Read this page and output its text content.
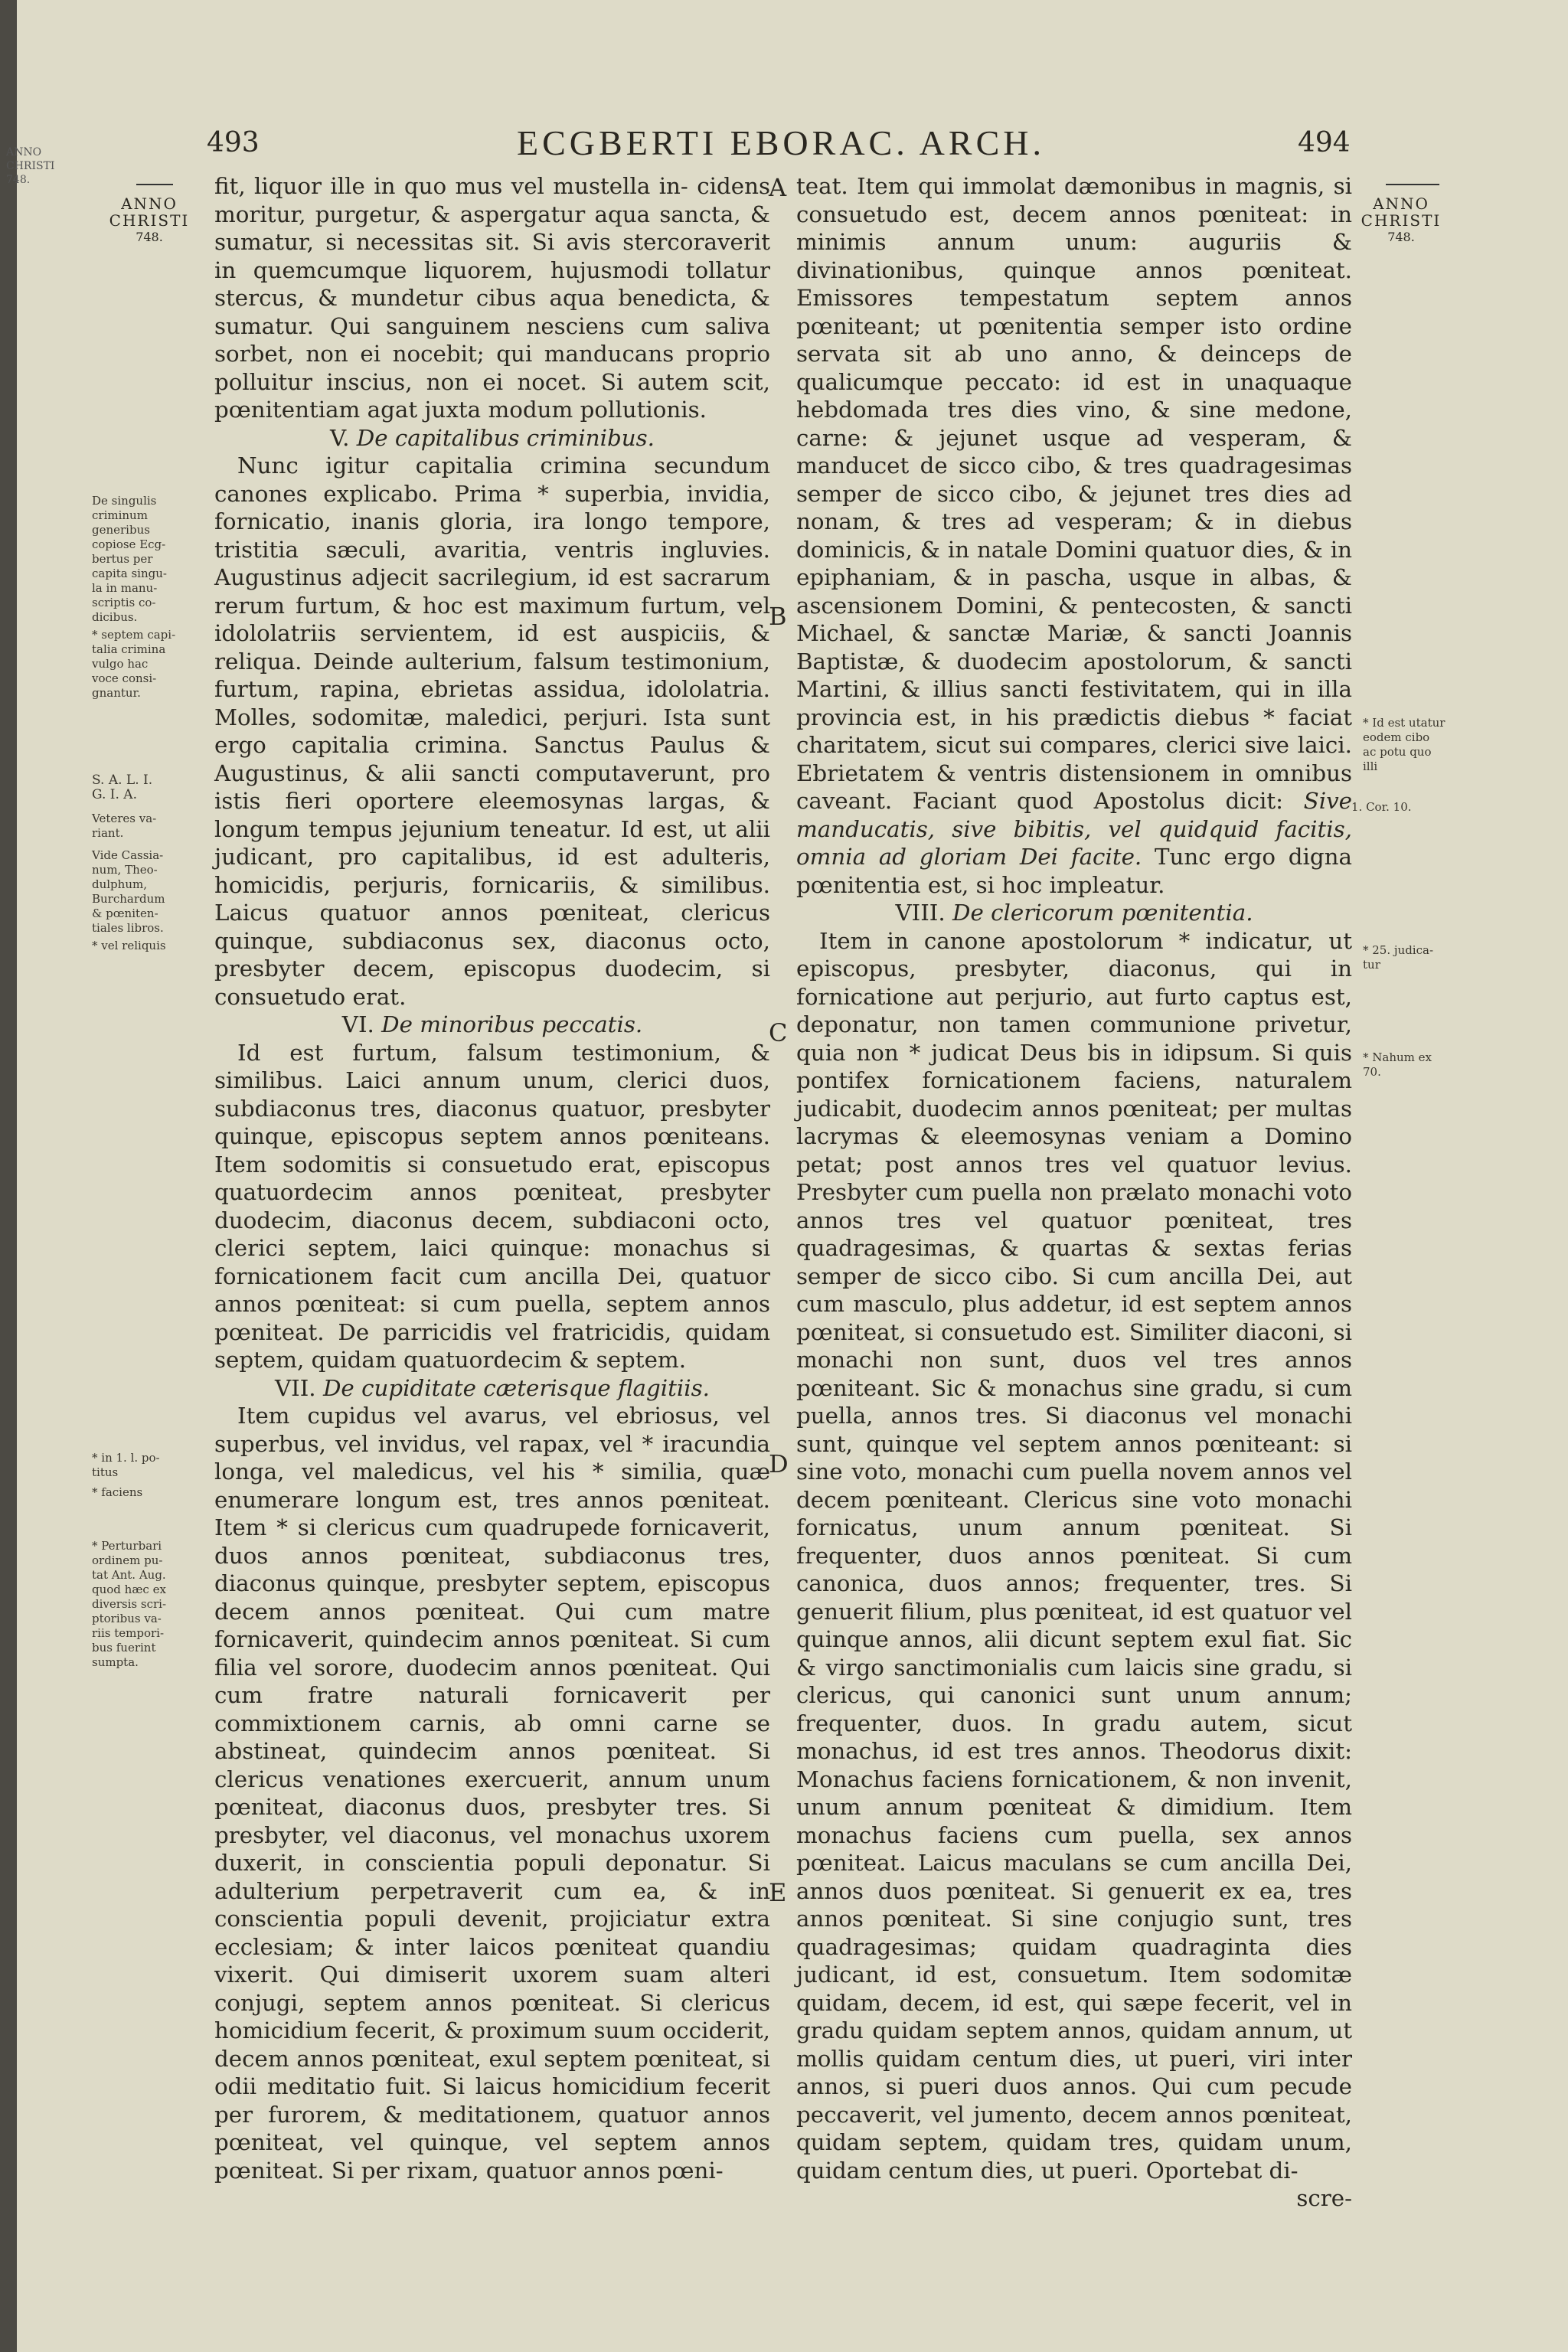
ANNO
CHRISTI
748.
493	ECGBERTI EBORAC. ARCH.	494
ANNO
CHRISTI
748.
ANNO
CHRISTI
748.

fit, liquor ille in quo mus vel mustella in- cidens moritur, purgetur, & aspergatur aqua sancta, & sumatur, si necessitas sit. Si avis stercoraverit in quemcumque liquorem, hujusmodi tollatur stercus, & mundetur cibus aqua benedicta, & sumatur. Qui sanguinem nesciens cum saliva sorbet, non ei nocebit; qui manducans proprio polluitur inscius, non ei nocet. Si autem scit, pœnitentiam agat juxta modum pollutionis.

V. De capitalibus criminibus.

Nunc igitur capitalia crimina secundum canones explicabo. Prima * superbia, invidia, fornicatio, inanis gloria, ira longo tempore, tristitia sæculi, avaritia, ventris ingluvies. Augustinus adjecit sacrilegium, id est sacrarum rerum furtum, & hoc est maximum furtum, vel idololatriis servientem, id est auspiciis, & reliqua. Deinde aulterium, falsum testimonium, furtum, rapina, ebrietas assidua, idololatria. Molles, sodomitæ, maledici, perjuri. Ista sunt ergo capitalia crimina. Sanctus Paulus & Augustinus, & alii sancti computaverunt, pro istis fieri oportere eleemosynas largas, & longum tempus jejunium teneatur. Id est, ut alii judicant, pro capitalibus, id est adulteris, homicidis, perjuris, fornicariis, & similibus. Laicus quatuor annos pœniteat, clericus quinque, subdiaconus sex, diaconus octo, presbyter decem, episcopus duodecim, si consuetudo erat.

VI. De minoribus peccatis.

Id est furtum, falsum testimonium, & similibus. Laici annum unum, clerici duos, subdiaconus tres, diaconus quatuor, presbyter quinque, episcopus septem annos pœniteans. Item sodomitis si consuetudo erat, episcopus quatuordecim annos pœniteat, presbyter duodecim, diaconus decem, subdiaconi octo, clerici septem, laici quinque: monachus si fornicationem facit cum ancilla Dei, quatuor annos pœniteat: si cum puella, septem annos pœniteat. De parricidis vel fratricidis, quidam septem, quidam quatuordecim & septem.

VII. De cupiditate cæterisque flagitiis.

Item cupidus vel avarus, vel ebriosus, vel superbus, vel invidus, vel rapax, vel * iracundia longa, vel maledicus, vel his * similia, quæ enumerare longum est, tres annos pœniteat. Item * si clericus cum quadrupede fornicaverit, duos annos pœniteat, subdiaconus tres, diaconus quinque, presbyter septem, episcopus decem annos pœniteat. Qui cum matre fornicaverit, quindecim annos pœniteat. Si cum filia vel sorore, duodecim annos pœniteat. Qui cum fratre naturali fornicaverit per commixtionem carnis, ab omni carne se abstineat, quindecim annos pœniteat. Si clericus venationes exercuerit, annum unum pœniteat, diaconus duos, presbyter tres. Si presbyter, vel diaconus, vel monachus uxorem duxerit, in conscientia populi deponatur. Si adulterium perpetraverit cum ea, & in conscientia populi devenit, projiciatur extra ecclesiam; & inter laicos pœniteat quandiu vixerit. Qui dimiserit uxorem suam alteri conjugi, septem annos pœniteat. Si clericus homicidium fecerit, & proximum suum occiderit, decem annos pœniteat, exul septem pœniteat, si odii meditatio fuit. Si laicus homicidium fecerit per furorem, & meditationem, quatuor annos pœniteat, vel quinque, vel septem annos pœniteat. Si per rixam, quatuor annos pœni-

A
B
C
D
E

teat. Item qui immolat dæmonibus in magnis, si consuetudo est, decem annos pœniteat: in minimis annum unum: auguriis & divinationibus, quinque annos pœniteat. Emissores tempestatum septem annos pœniteant; ut pœnitentia semper isto ordine servata sit ab uno anno, & deinceps de qualicumque peccato: id est in unaquaque hebdomada tres dies vino, & sine medone, carne: & jejunet usque ad vesperam, & manducet de sicco cibo, & tres quadragesimas semper de sicco cibo, & jejunet tres dies ad nonam, & tres ad vesperam; & in diebus dominicis, & in natale Domini quatuor dies, & in epiphaniam, & in pascha, usque in albas, & ascensionem Domini, & pentecosten, & sancti Michael, & sanctæ Mariæ, & sancti Joannis Baptistæ, & duodecim apostolorum, & sancti Martini, & illius sancti festivitatem, qui in illa provincia est, in his prædictis diebus * faciat charitatem, sicut sui compares, clerici sive laici. Ebrietatem & ventris distensionem in omnibus caveant. Faciant quod Apostolus dicit: Sive manducatis, sive bibitis, vel quidquid facitis, omnia ad gloriam Dei facite. Tunc ergo digna pœnitentia est, si hoc impleatur.

VIII. De clericorum pœnitentia.

Item in canone apostolorum * indicatur, ut episcopus, presbyter, diaconus, qui in fornicatione aut perjurio, aut furto captus est, deponatur, non tamen communione privetur, quia non * judicat Deus bis in idipsum. Si quis pontifex fornicationem faciens, naturalem judicabit, duodecim annos pœniteat; per multas lacrymas & eleemosynas veniam a Domino petat; post annos tres vel quatuor levius. Presbyter cum puella non prælato monachi voto annos tres vel quatuor pœniteat, tres quadragesimas, & quartas & sextas ferias semper de sicco cibo. Si cum ancilla Dei, aut cum masculo, plus addetur, id est septem annos pœniteat, si consuetudo est. Similiter diaconi, si monachi non sunt, duos vel tres annos pœniteant. Sic & monachus sine gradu, si cum puella, annos tres. Si diaconus vel monachi sunt, quinque vel septem annos pœniteant: si sine voto, monachi cum puella novem annos vel decem pœniteant. Clericus sine voto monachi fornicatus, unum annum pœniteat. Si frequenter, duos annos pœniteat. Si cum canonica, duos annos; frequenter, tres. Si genuerit filium, plus pœniteat, id est quatuor vel quinque annos, alii dicunt septem exul fiat. Sic & virgo sanctimonialis cum laicis sine gradu, si clericus, qui canonici sunt unum annum; frequenter, duos. In gradu autem, sicut monachus, id est tres annos. Theodorus dixit: Monachus faciens fornicationem, & non invenit, unum annum pœniteat & dimidium. Item monachus faciens cum puella, sex annos pœniteat. Laicus maculans se cum ancilla Dei, annos duos pœniteat. Si genuerit ex ea, tres annos pœniteat. Si sine conjugio sunt, tres quadragesimas; quidam quadraginta dies judicant, id est, consuetum. Item sodomitæ quidam, decem, id est, qui sæpe fecerit, vel in gradu quidam septem annos, quidam annum, ut mollis quidam centum dies, ut pueri, viri inter annos, si pueri duos annos. Qui cum pecude peccaverit, vel jumento, decem annos pœniteat, quidam septem, quidam tres, quidam unum, quidam centum dies, ut pueri. Oportebat di-

scre-

De singulis
criminum
generibus
copiose Ecg-
bertus per
capita singu-
la in manu-
scriptis co-
dicibus.
* septem capi-
talia crimina
vulgo hac
voce consi-
gnantur.
S. A. L. I.
G. I. A.
Veteres va-
riant.
Vide Cassia-
num, Theo-
dulphum,
Burchardum
& pœniten-
tiales libros.
* vel reliquis
* in 1. l. po-
titus
* faciens
* Perturbari
ordinem pu-
tat Ant. Aug.
quod hæc ex
diversis scri-
ptoribus va-
riis tempori-
bus fuerint
sumpta.
* Id est utatur
eodem cibo
ac potu quo
illi
1. Cor. 10.
* 25. judica-
tur
* Nahum ex
70.
